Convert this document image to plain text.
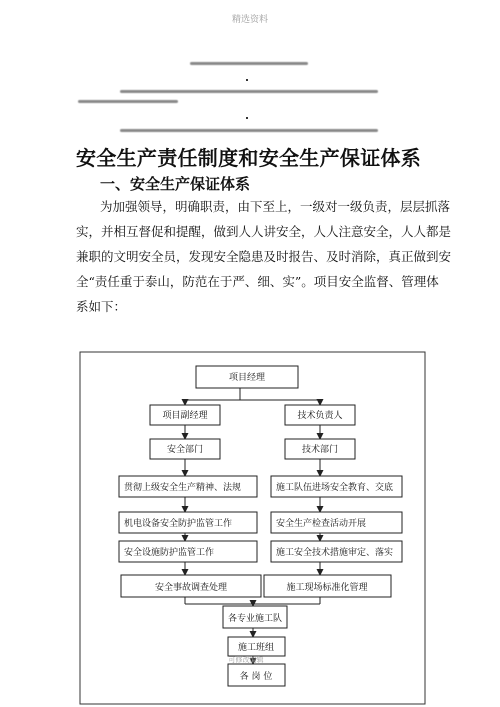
精选资料
安全生产责任制度和安全生产保证体系
一、安全生产保证体系
为加强领导，明确职责，由下至上，一级对一级负责，层层抓落
实，并相互督促和提醒，做到人人讲安全，人人注意安全，人人都是
兼职的文明安全员，发现安全隐患及时报告、及时消除，真正做到安
全“责任重于泰山，防范在于严、细、实”。项目安全监督、管理体
系如下：
项目经理
项目副经理	技术负责人
安全部门	技术部门
贯彻上级安全生产精神、法规	施工队伍进场安全教育、交底
机电设备安全防护监管工作	安全生产检查活动开展
安全设施防护监管工作	施工安全技术措施审定、落实
安全事故调查处理	施工现场标准化管理
各专业施工队
施工班组
各 岗 位
可修改编辑
